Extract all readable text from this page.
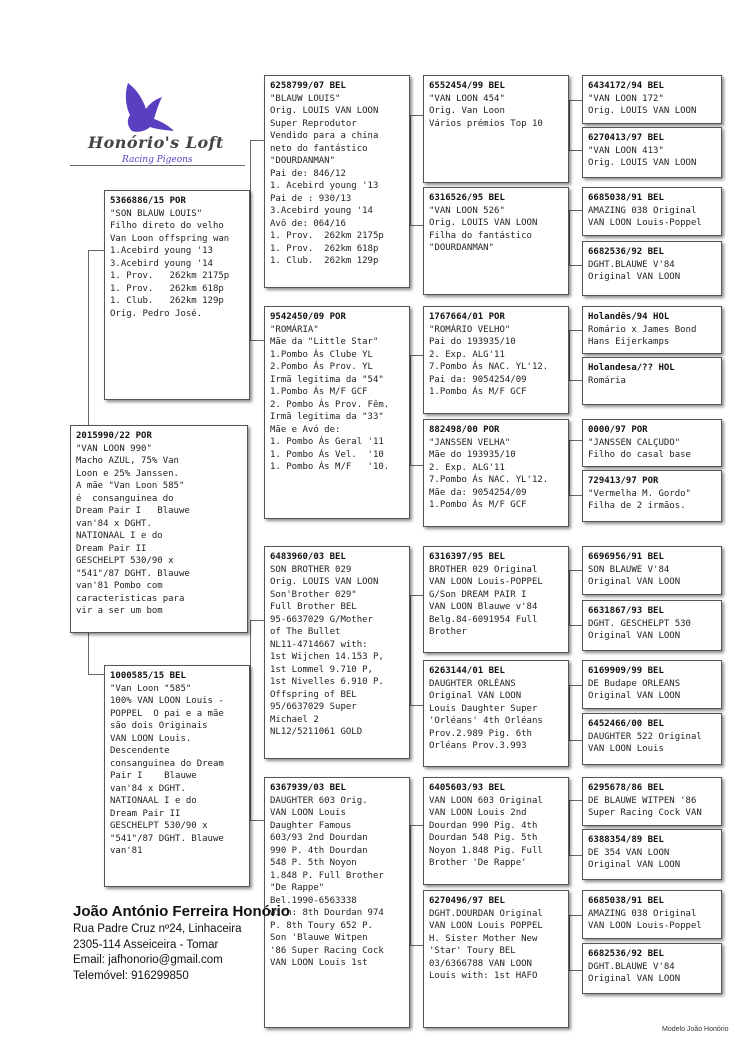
Honório's Loft
Racing Pigeons
2015990/22 POR
"VAN LOON 990"
Macho AZUL, 75% Van
Loon e 25% Janssen.
A mãe "Van Loon 585"
é  consanguinea do
Dream Pair I   Blauwe
van'84 x DGHT.
NATIONAAL I e do
Dream Pair II
GESCHELPT 530/90 x
"541"/87 DGHT. Blauwe
van'81 Pombo com
caracteristicas para
vir a ser um bom
5366886/15 POR
"SON BLAUW LOUIS"
Filho direto do velho
Van Loon offspring wan
1.Acebird young '13
3.Acebird young '14
1. Prov.   262km 2175p
1. Prov.   262km 618p
1. Club.   262km 129p
Orig. Pedro José.
1000585/15 BEL
"Van Loon "585"
100% VAN LOON Louis -
POPPEL  O pai e a mãe
são dois Originais
VAN LOON Louis.
Descendente
consanguinea do Dream
Pair I    Blauwe
van'84 x DGHT.
NATIONAAL I e do
Dream Pair II
GESCHELPT 530/90 x
"541"/87 DGHT. Blauwe
van'81
6258799/07 BEL
"BLAUW LOUIS"
Orig. LOUIS VAN LOON
Super Reprodutor
Vendido para a china
neto do fantástico
"DOURDANMAN"
Pai de: 846/12
1. Acebird young '13
Pai de : 930/13
3.Acebird young '14
Avô de: 064/16
1. Prov.  262km 2175p
1. Prov.  262km 618p
1. Club.  262km 129p
9542450/09 POR
"ROMÁRIA"
Mãe da "Little Star"
1.Pombo Ás Clube YL
2.Pombo Ás Prov. YL
Irmã legitima da "54"
1.Pombo Ás M/F GCF
2. Pombo Ás Prov. Fêm.
Irmã legitima da "33"
Mãe e Avó de:
1. Pombo Ás Geral '11
1. Pombo Ás Vel.  '10
1. Pombo Ás M/F   '10.
6483960/03 BEL
SON BROTHER 029
Orig. LOUIS VAN LOON
Son'Brother 029"
Full Brother BEL
95-6637029 G/Mother
of The Bullet
NL11-4714667 with:
1st Wijchen 14.153 P,
1st Lommel 9.710 P,
1st Nivelles 6.910 P.
Offspring of BEL
95/6637029 Super
Michael 2
NL12/5211061 GOLD
6367939/03 BEL
DAUGHTER 603 Orig.
VAN LOON Louis
Daughter Famous
603/93 2nd Dourdan
990 P. 4th Dourdan
548 P. 5th Noyon
1.848 P. Full Brother
"De Rappe"
Bel.1990-6563338
with: 8th Dourdan 974
P. 8th Toury 652 P.
Son 'Blauwe Witpen
'86 Super Racing Cock
VAN LOON Louis 1st
6552454/99 BEL
"VAN LOON 454"
Orig. Van Loon
Vários prémios Top 10
6316526/95 BEL
"VAN LOON 526"
Orig. LOUIS VAN LOON
Filha do fantástico
"DOURDANMAN"
1767664/01 POR
"ROMÁRIO VELHO"
Pai do 193935/10
2. Exp. ALG'11
7.Pombo Ás NAC. YL'12.
Pai da: 9054254/09
1.Pombo Ás M/F GCF
882498/00 POR
"JANSSEN VELHA"
Mãe do 193935/10
2. Exp. ALG'11
7.Pombo Ás NAC. YL'12.
Mãe da: 9054254/09
1.Pombo Ás M/F GCF
6316397/95 BEL
BROTHER 029 Original
VAN LOON Louis-POPPEL
G/Son DREAM PAIR I
VAN LOON Blauwe v'84
Belg.84-6091954 Full
Brother
6263144/01 BEL
DAUGHTER ORLÉANS
Original VAN LOON
Louis Daughter Super
'Orléans' 4th Orléans
Prov.2.989 Pig. 6th
Orléans Prov.3.993
6405603/93 BEL
VAN LOON 603 Original
VAN LOON Louis 2nd
Dourdan 990 Pig. 4th
Dourdan 548 Pig. 5th
Noyon 1.848 Pig. Full
Brother 'De Rappe'
6270496/97 BEL
DGHT.DOURDAN Original
VAN LOON Louis POPPEL
H. Sister Mother New
'Star' Toury BEL
03/6366788 VAN LOON
Louis with: 1st HAFO
6434172/94 BEL
"VAN LOON 172"
Orig. LOUIS VAN LOON
6270413/97 BEL
"VAN LOON 413"
Orig. LOUIS VAN LOON
6685038/91 BEL
AMAZING 038 Original
VAN LOON Louis-Poppel
6682536/92 BEL
DGHT.BLAUWE V'84
Original VAN LOON
Holandês/94 HOL
Romário x James Bond
Hans Eijerkamps
Holandesa/?? HOL
Romária
0000/97 POR
"JANSSEN CALÇUDO"
Filho do casal base
729413/97 POR
"Vermelha M. Gordo"
Filha de 2 irmãos.
6696956/91 BEL
SON BLAUWE V'84
Original VAN LOON
6631867/93 BEL
DGHT. GESCHELPT 530
Original VAN LOON
6169909/99 BEL
DE Budape ORLEANS
Original VAN LOON
6452466/00 BEL
DAUGHTER 522 Original
VAN LOON Louis
6295678/86 BEL
DE BLAUWE WITPEN '86
Super Racing Cock VAN
6388354/89 BEL
DE 354 VAN LOON
Original VAN LOON
6685038/91 BEL
AMAZING 038 Original
VAN LOON Louis-Poppel
6682536/92 BEL
DGHT.BLAUWE V'84
Original VAN LOON
João António Ferreira Honório
Rua Padre Cruz nº24, Linhaceira
2305-114 Asseiceira - Tomar
Email: jafhonorio@gmail.com
Telemóvel: 916299850
Modelo João Honório
